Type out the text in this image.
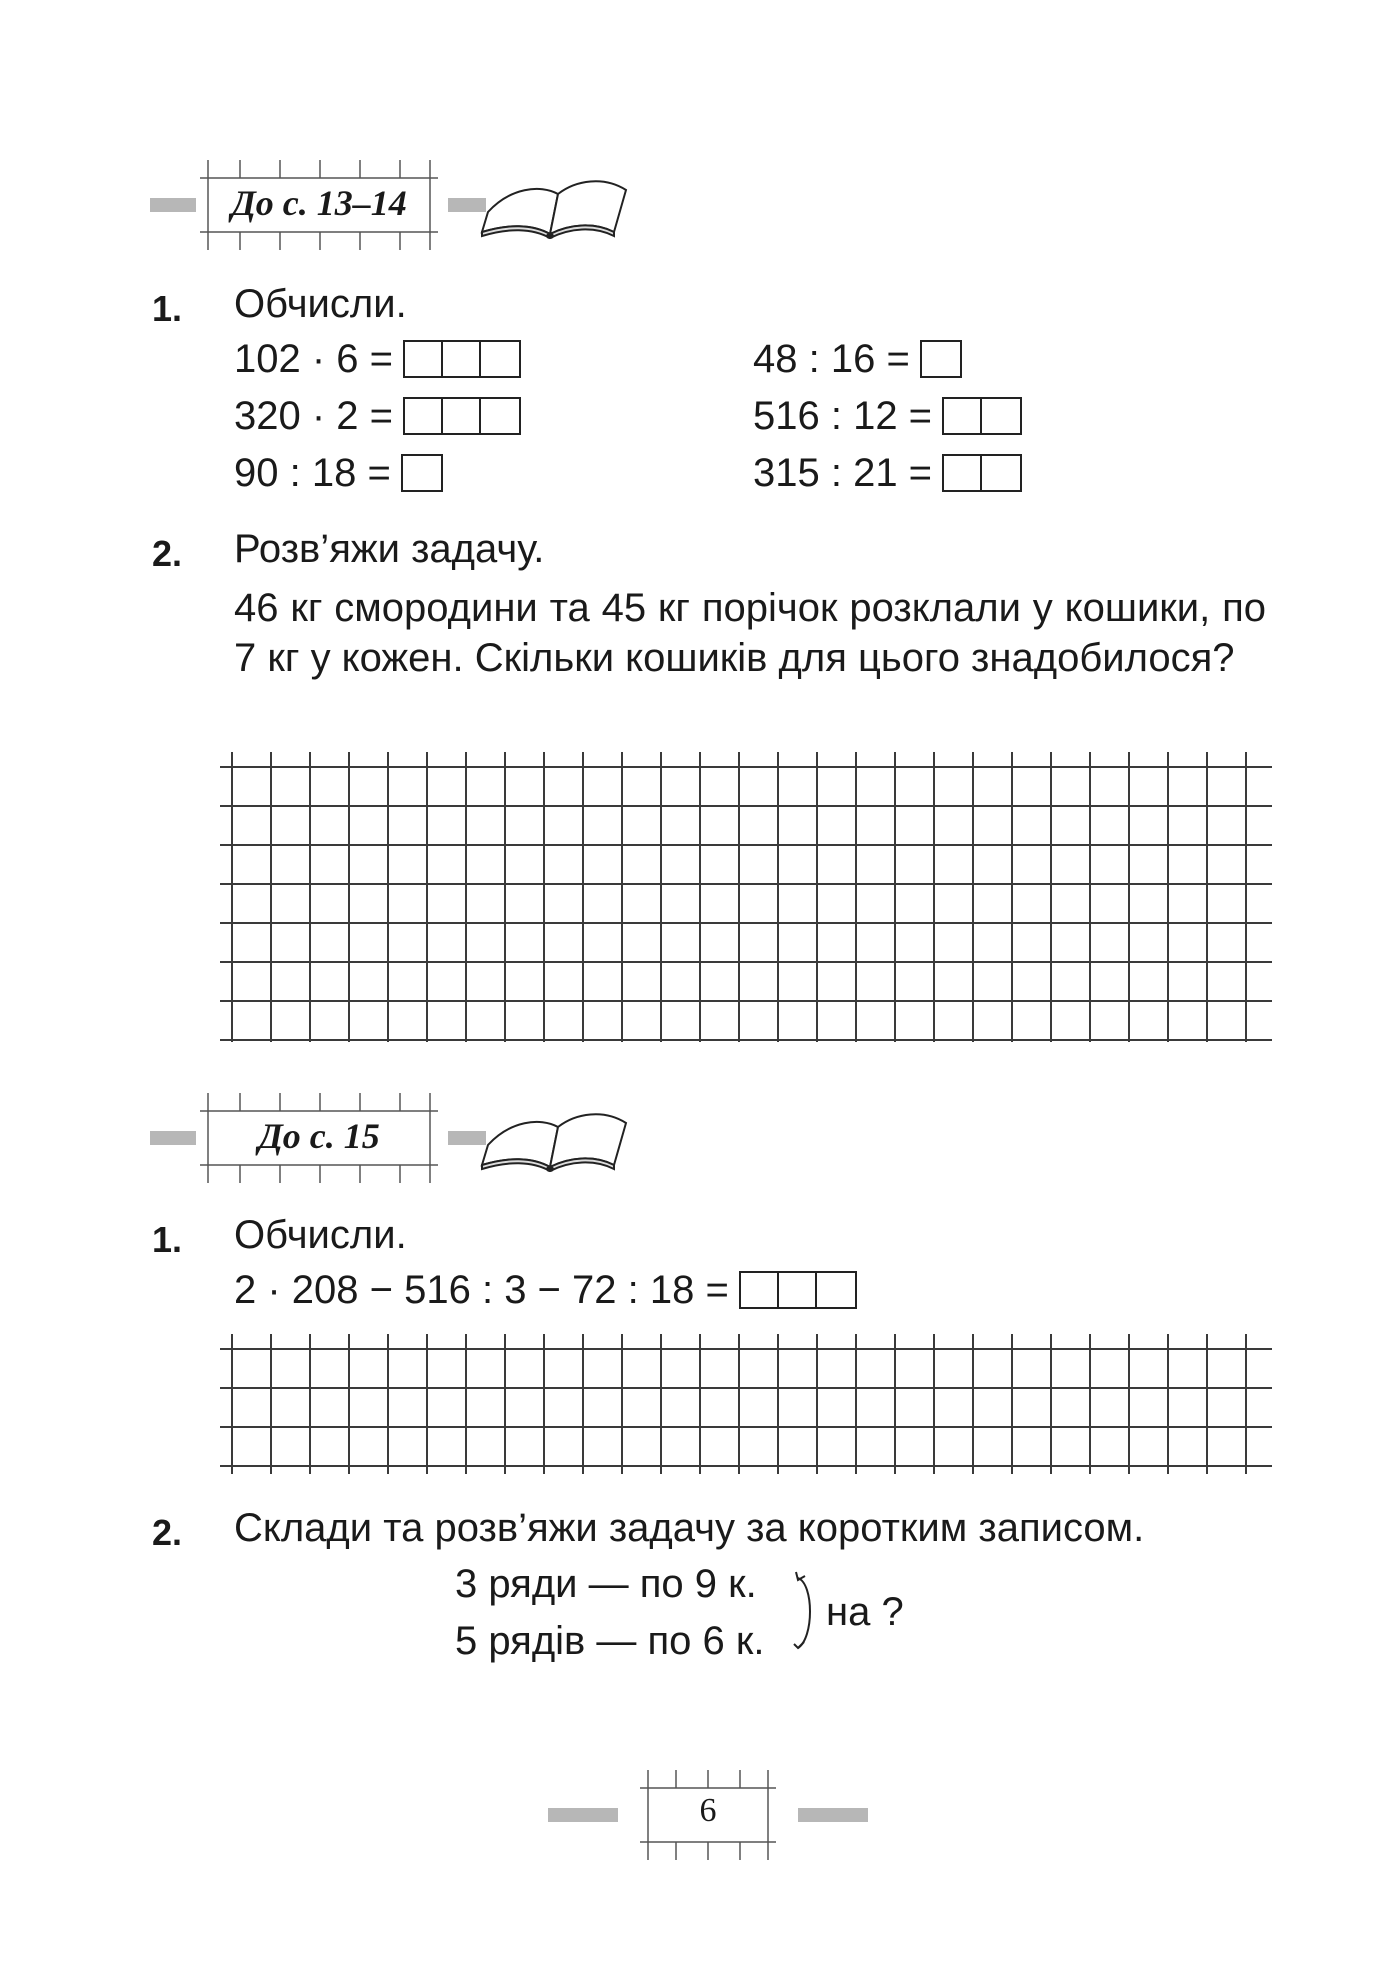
До с. 13–14
1. Обчисли.
102 · 6 =
320 · 2 =
90 : 18 =
48 : 16 =
516 : 12 =
315 : 21 =
2. Розв’яжи задачу.
46 кг смородини та 45 кг порічок розклали у кошики, по 7 кг у кожен. Скільки кошиків для цього знадобилося?
До с. 15
1. Обчисли.
2 · 208 − 516 : 3 − 72 : 18 =
2. Склади та розв’яжи задачу за коротким записом.
3 ряди — по 9 к.
5 рядів — по 6 к.
на ?
6
